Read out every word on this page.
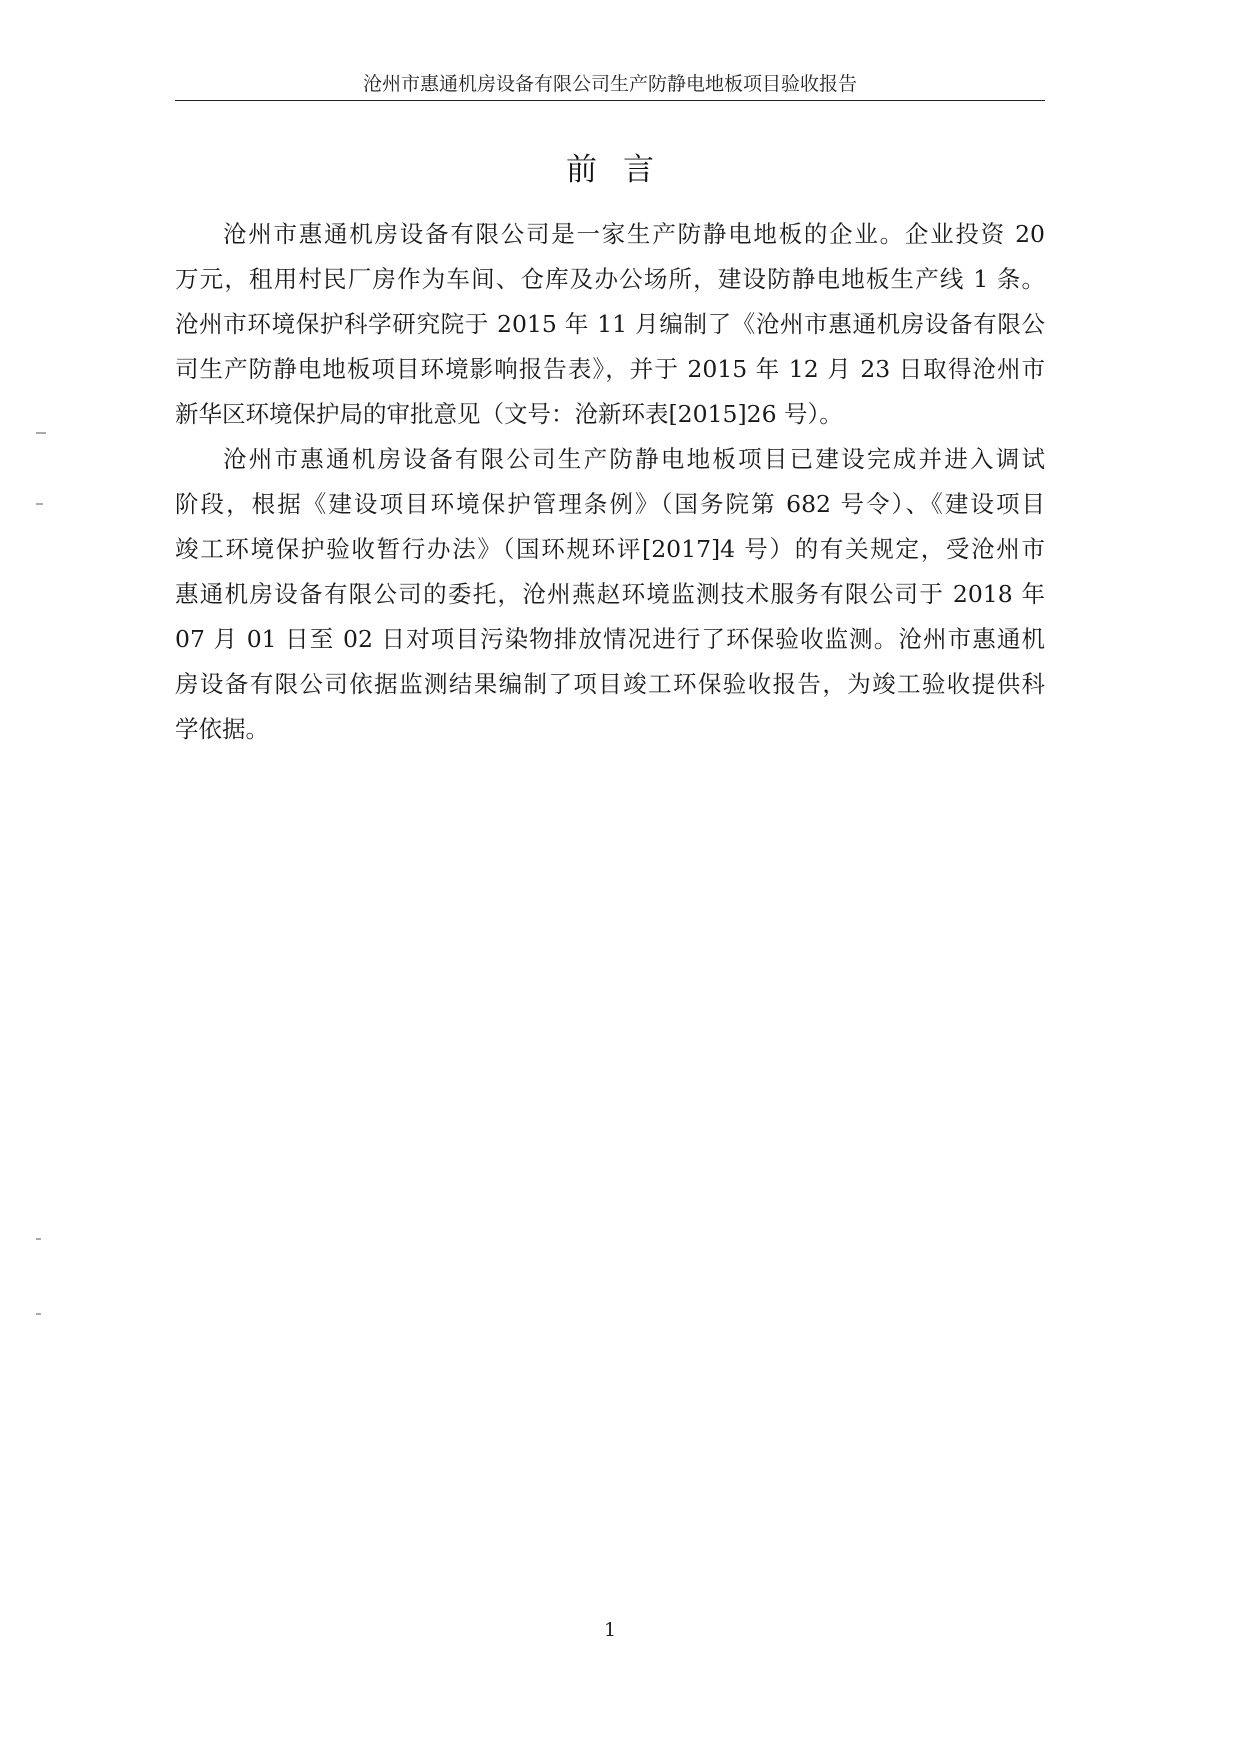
沧州市惠通机房设备有限公司生产防静电地板项目验收报告
前言
沧州市惠通机房设备有限公司是一家生产防静电地板的企业。企业投资 20
万元，租用村民厂房作为车间、仓库及办公场所，建设防静电地板生产线 1 条。
沧州市环境保护科学研究院于 2015 年 11 月编制了《沧州市惠通机房设备有限公
司生产防静电地板项目环境影响报告表》，并于 2015 年 12 月 23 日取得沧州市
新华区环境保护局的审批意见（文号：沧新环表[2015]26 号）。
沧州市惠通机房设备有限公司生产防静电地板项目已建设完成并进入调试
阶段，根据《建设项目环境保护管理条例》（国务院第 682 号令）、《建设项目
竣工环境保护验收暂行办法》（国环规环评[2017]4 号）的有关规定，受沧州市
惠通机房设备有限公司的委托，沧州燕赵环境监测技术服务有限公司于 2018 年
07 月 01 日至 02 日对项目污染物排放情况进行了环保验收监测。沧州市惠通机
房设备有限公司依据监测结果编制了项目竣工环保验收报告，为竣工验收提供科
学依据。
1
